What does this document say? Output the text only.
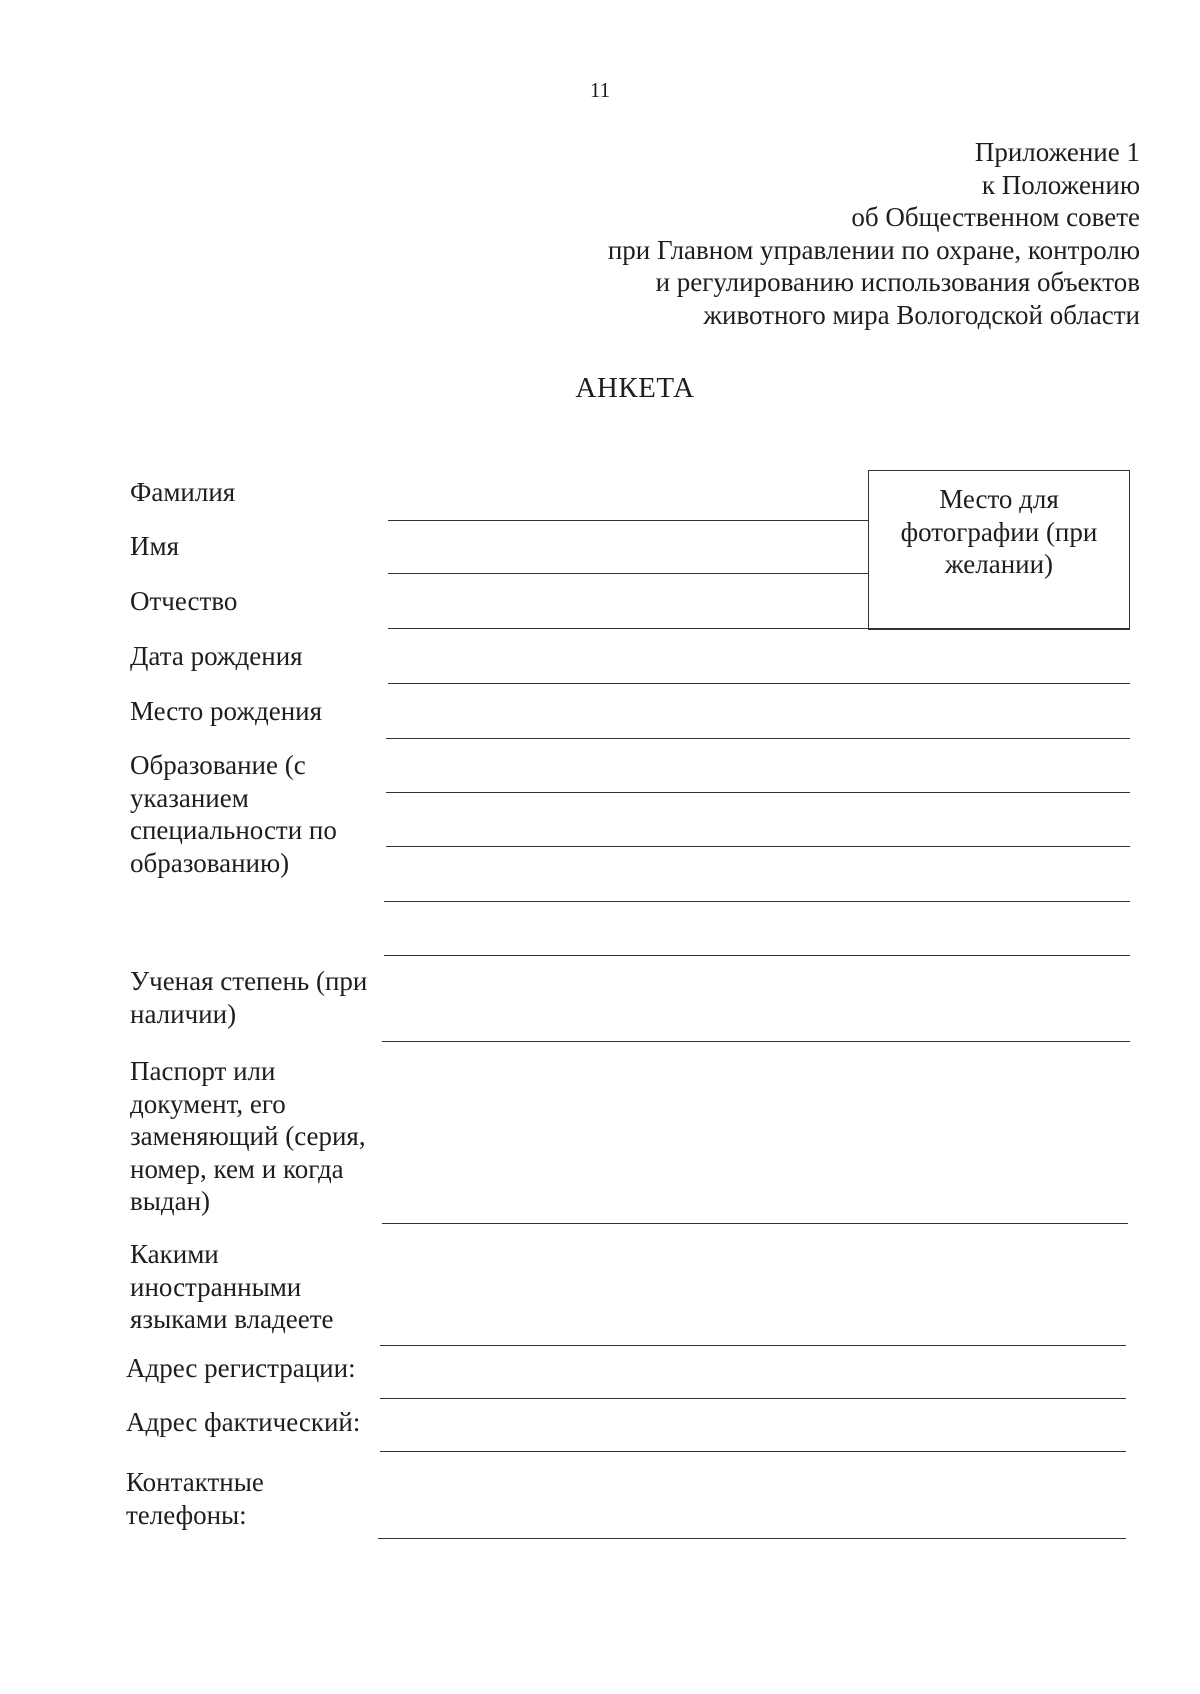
11
Приложение 1
к Положению
об Общественном совете
при Главном управлении по охране, контролю
и регулированию использования объектов
животного мира Вологодской области
АНКЕТА
Место для фотографии (при желании)
Фамилия
Имя
Отчество
Дата рождения
Место рождения
Образование (с указанием специальности по образованию)
Ученая степень (при наличии)
Паспорт или документ, его заменяющий (серия, номер, кем и когда выдан)
Какими иностранными языками владеете
Адрес регистрации:
Адрес фактический:
Контактные телефоны:
